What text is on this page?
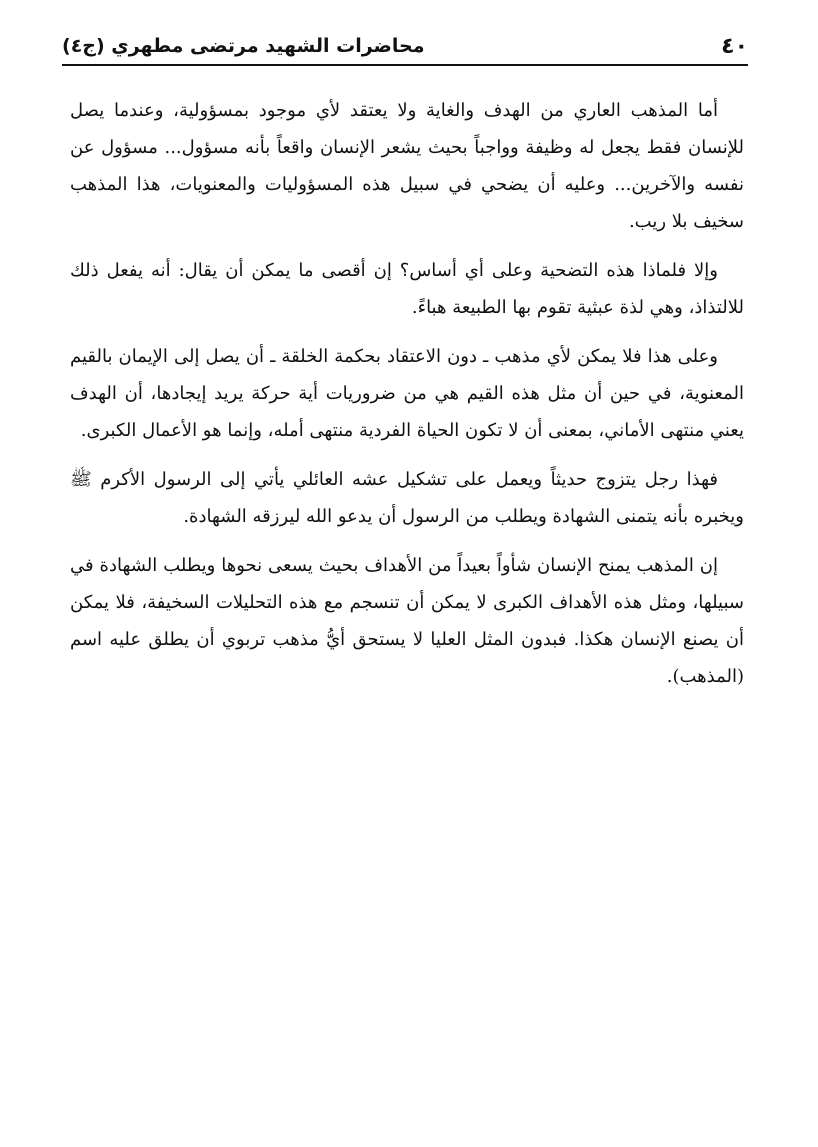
٤٠
محاضرات الشهيد مرتضى مطهري (ج٤)

أما المذهب العاري من الهدف والغاية ولا يعتقد لأي موجود بمسؤولية، وعندما يصل للإنسان فقط يجعل له وظيفة وواجباً بحيث يشعر الإنسان واقعاً بأنه مسؤول... مسؤول عن نفسه والآخرين... وعليه أن يضحي في سبيل هذه المسؤوليات والمعنويات، هذا المذهب سخيف بلا ريب.

وإلا فلماذا هذه التضحية وعلى أي أساس؟ إن أقصى ما يمكن أن يقال: أنه يفعل ذلك للالتذاذ، وهي لذة عبثية تقوم بها الطبيعة هباءً.

وعلى هذا فلا يمكن لأي مذهب ـ دون الاعتقاد بحكمة الخلقة ـ أن يصل إلى الإيمان بالقيم المعنوية، في حين أن مثل هذه القيم هي من ضروريات أية حركة يريد إيجادها، أن الهدف يعني منتهى الأماني، بمعنى أن لا تكون الحياة الفردية منتهى أمله، وإنما هو الأعمال الكبرى.

فهذا رجل يتزوج حديثاً ويعمل على تشكيل عشه العائلي يأتي إلى الرسول الأكرم ﷺ ويخبره بأنه يتمنى الشهادة ويطلب من الرسول أن يدعو الله ليرزقه الشهادة.

إن المذهب يمنح الإنسان شأواً بعيداً من الأهداف بحيث يسعى نحوها ويطلب الشهادة في سبيلها، ومثل هذه الأهداف الكبرى لا يمكن أن تنسجم مع هذه التحليلات السخيفة، فلا يمكن أن يصنع الإنسان هكذا. فبدون المثل العليا لا يستحق أيُّ مذهب تربوي أن يطلق عليه اسم (المذهب).
